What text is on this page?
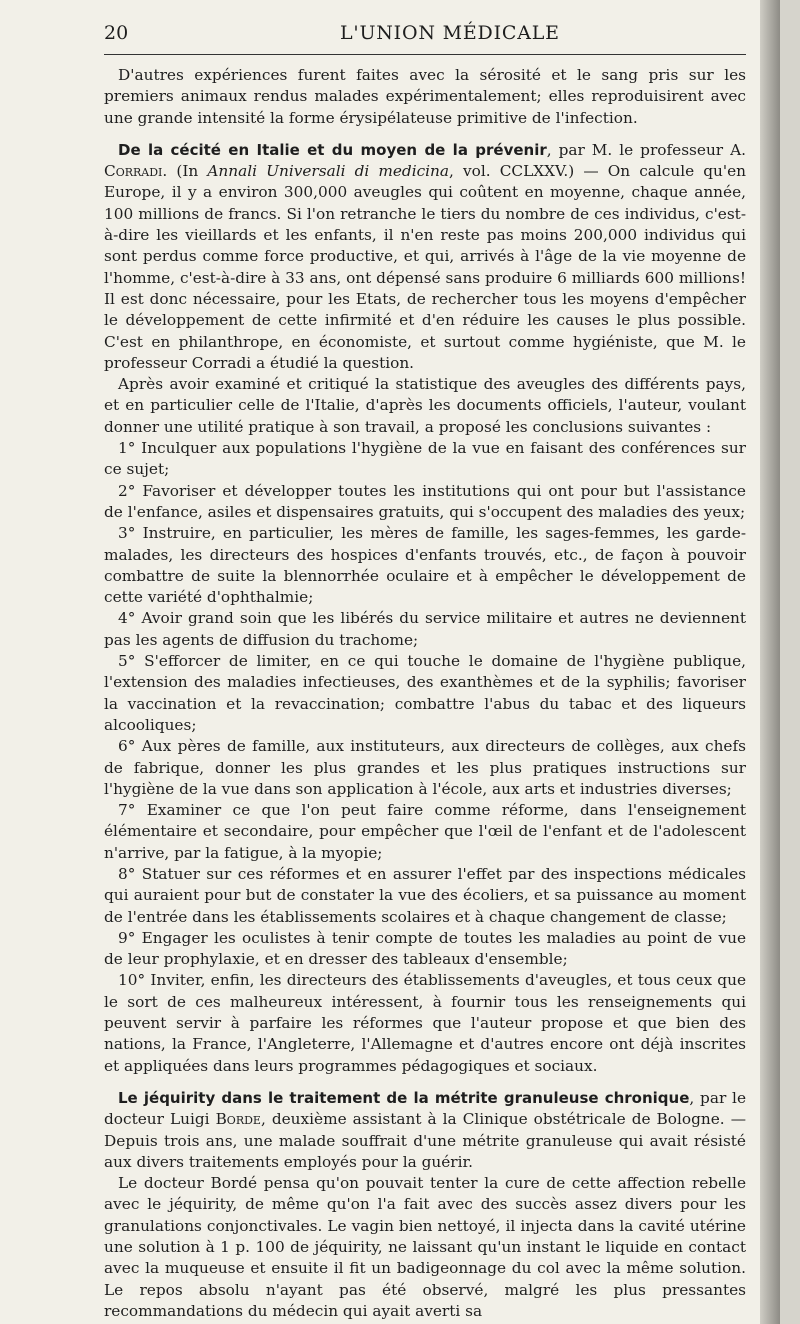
20	L'UNION MÉDICALE

D'autres expériences furent faites avec la sérosité et le sang pris sur les premiers animaux rendus malades expérimentalement; elles reproduisirent avec une grande intensité la forme érysipélateuse primitive de l'infection.

De la cécité en Italie et du moyen de la prévenir, par M. le professeur A. Corradi. (In Annali Universali di medicina, vol. CCLXXV.) — On calcule qu'en Europe, il y a environ 300,000 aveugles qui coûtent en moyenne, chaque année, 100 millions de francs. Si l'on retranche le tiers du nombre de ces individus, c'est-à-dire les vieillards et les enfants, il n'en reste pas moins 200,000 individus qui sont perdus comme force productive, et qui, arrivés à l'âge de la vie moyenne de l'homme, c'est-à-dire à 33 ans, ont dépensé sans produire 6 milliards 600 millions! Il est donc nécessaire, pour les Etats, de rechercher tous les moyens d'empêcher le développement de cette infirmité et d'en réduire les causes le plus possible. C'est en philanthrope, en économiste, et surtout comme hygiéniste, que M. le professeur Corradi a étudié la question.

Après avoir examiné et critiqué la statistique des aveugles des différents pays, et en particulier celle de l'Italie, d'après les documents officiels, l'auteur, voulant donner une utilité pratique à son travail, a proposé les conclusions suivantes :

1° Inculquer aux populations l'hygiène de la vue en faisant des conférences sur ce sujet;

2° Favoriser et développer toutes les institutions qui ont pour but l'assistance de l'enfance, asiles et dispensaires gratuits, qui s'occupent des maladies des yeux;

3° Instruire, en particulier, les mères de famille, les sages-femmes, les garde-malades, les directeurs des hospices d'enfants trouvés, etc., de façon à pouvoir combattre de suite la blennorrhée oculaire et à empêcher le développement de cette variété d'ophthalmie;

4° Avoir grand soin que les libérés du service militaire et autres ne deviennent pas les agents de diffusion du trachome;

5° S'efforcer de limiter, en ce qui touche le domaine de l'hygiène publique, l'extension des maladies infectieuses, des exanthèmes et de la syphilis; favoriser la vaccination et la revaccination; combattre l'abus du tabac et des liqueurs alcooliques;

6° Aux pères de famille, aux instituteurs, aux directeurs de collèges, aux chefs de fabrique, donner les plus grandes et les plus pratiques instructions sur l'hygiène de la vue dans son application à l'école, aux arts et industries diverses;

7° Examiner ce que l'on peut faire comme réforme, dans l'enseignement élémentaire et secondaire, pour empêcher que l'œil de l'enfant et de l'adolescent n'arrive, par la fatigue, à la myopie;

8° Statuer sur ces réformes et en assurer l'effet par des inspections médicales qui auraient pour but de constater la vue des écoliers, et sa puissance au moment de l'entrée dans les établissements scolaires et à chaque changement de classe;

9° Engager les oculistes à tenir compte de toutes les maladies au point de vue de leur prophylaxie, et en dresser des tableaux d'ensemble;

10° Inviter, enfin, les directeurs des établissements d'aveugles, et tous ceux que le sort de ces malheureux intéressent, à fournir tous les renseignements qui peuvent servir à parfaire les réformes que l'auteur propose et que bien des nations, la France, l'Angleterre, l'Allemagne et d'autres encore ont déjà inscrites et appliquées dans leurs programmes pédagogiques et sociaux.

Le jéquirity dans le traitement de la métrite granuleuse chronique, par le docteur Luigi Borde, deuxième assistant à la Clinique obstétricale de Bologne. — Depuis trois ans, une malade souffrait d'une métrite granuleuse qui avait résisté aux divers traitements employés pour la guérir.

Le docteur Bordé pensa qu'on pouvait tenter la cure de cette affection rebelle avec le jéquirity, de même qu'on l'a fait avec des succès assez divers pour les granulations conjonctivales. Le vagin bien nettoyé, il injecta dans la cavité utérine une solution à 1 p. 100 de jéquirity, ne laissant qu'un instant le liquide en contact avec la muqueuse et ensuite il fit un badigeonnage du col avec la même solution. Le repos absolu n'ayant pas été observé, malgré les plus pressantes recommandations du médecin qui ayait averti sa
